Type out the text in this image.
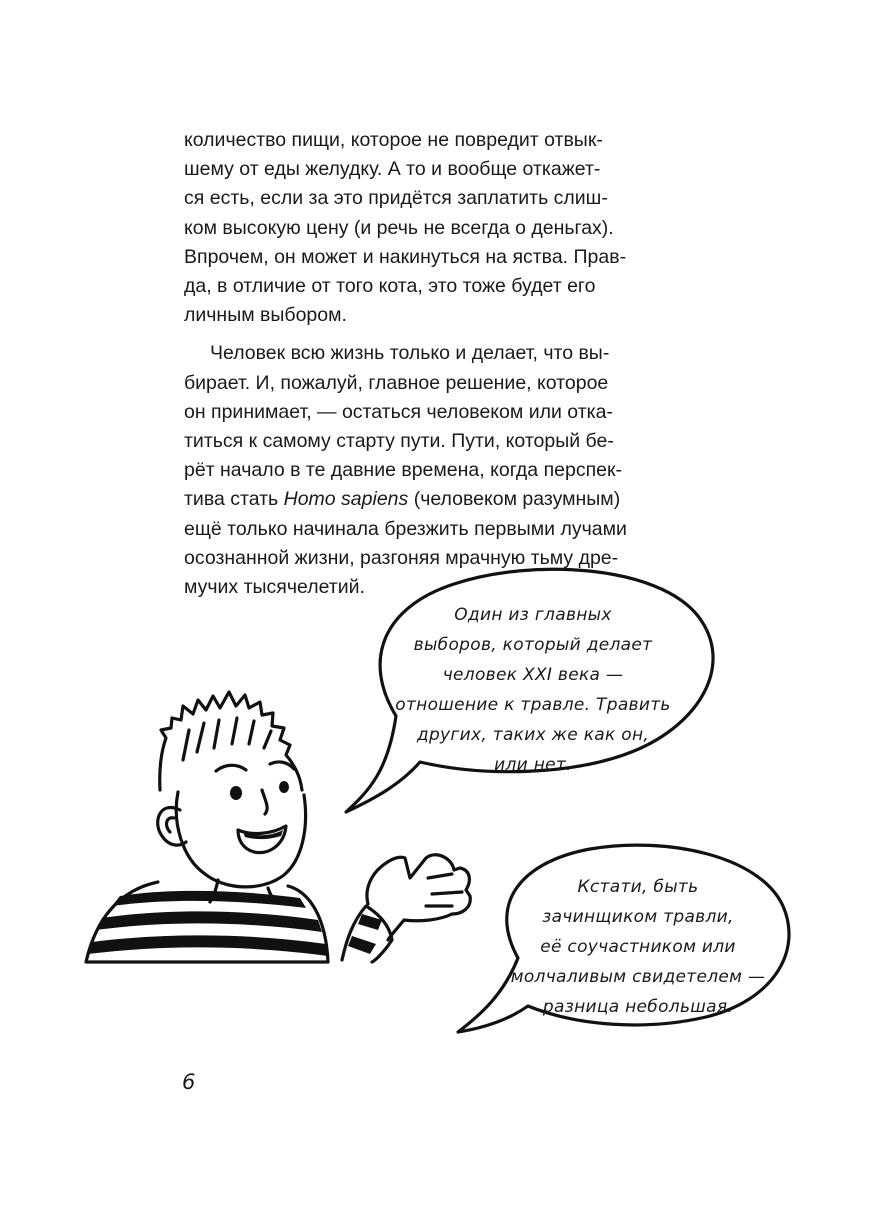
количество пищи, которое не повредит отвык-
шему от еды желудку. А то и вообще откажет-
ся есть, если за это придётся заплатить слиш-
ком высокую цену (и речь не всегда о деньгах).
Впрочем, он может и накинуться на яства. Прав-
да, в отличие от того кота, это тоже будет его
личным выбором.

Человек всю жизнь только и делает, что вы-
бирает. И, пожалуй, главное решение, которое
он принимает, — остаться человеком или отка-
титься к самому старту пути. Пути, который бе-
рёт начало в те давние времена, когда перспек-
тива стать Homo sapiens (человеком разумным)
ещё только начинала брезжить первыми лучами
осознанной жизни, разгоняя мрачную тьму дре-
мучих тысячелетий.

Один из главных
выборов, который делает
человек XXI века —
отношение к травле. Травить
других, таких же как он,
или нет.
Кстати, быть
зачинщиком травли,
её соучастником или
молчаливым свидетелем —
разница небольшая.
6
